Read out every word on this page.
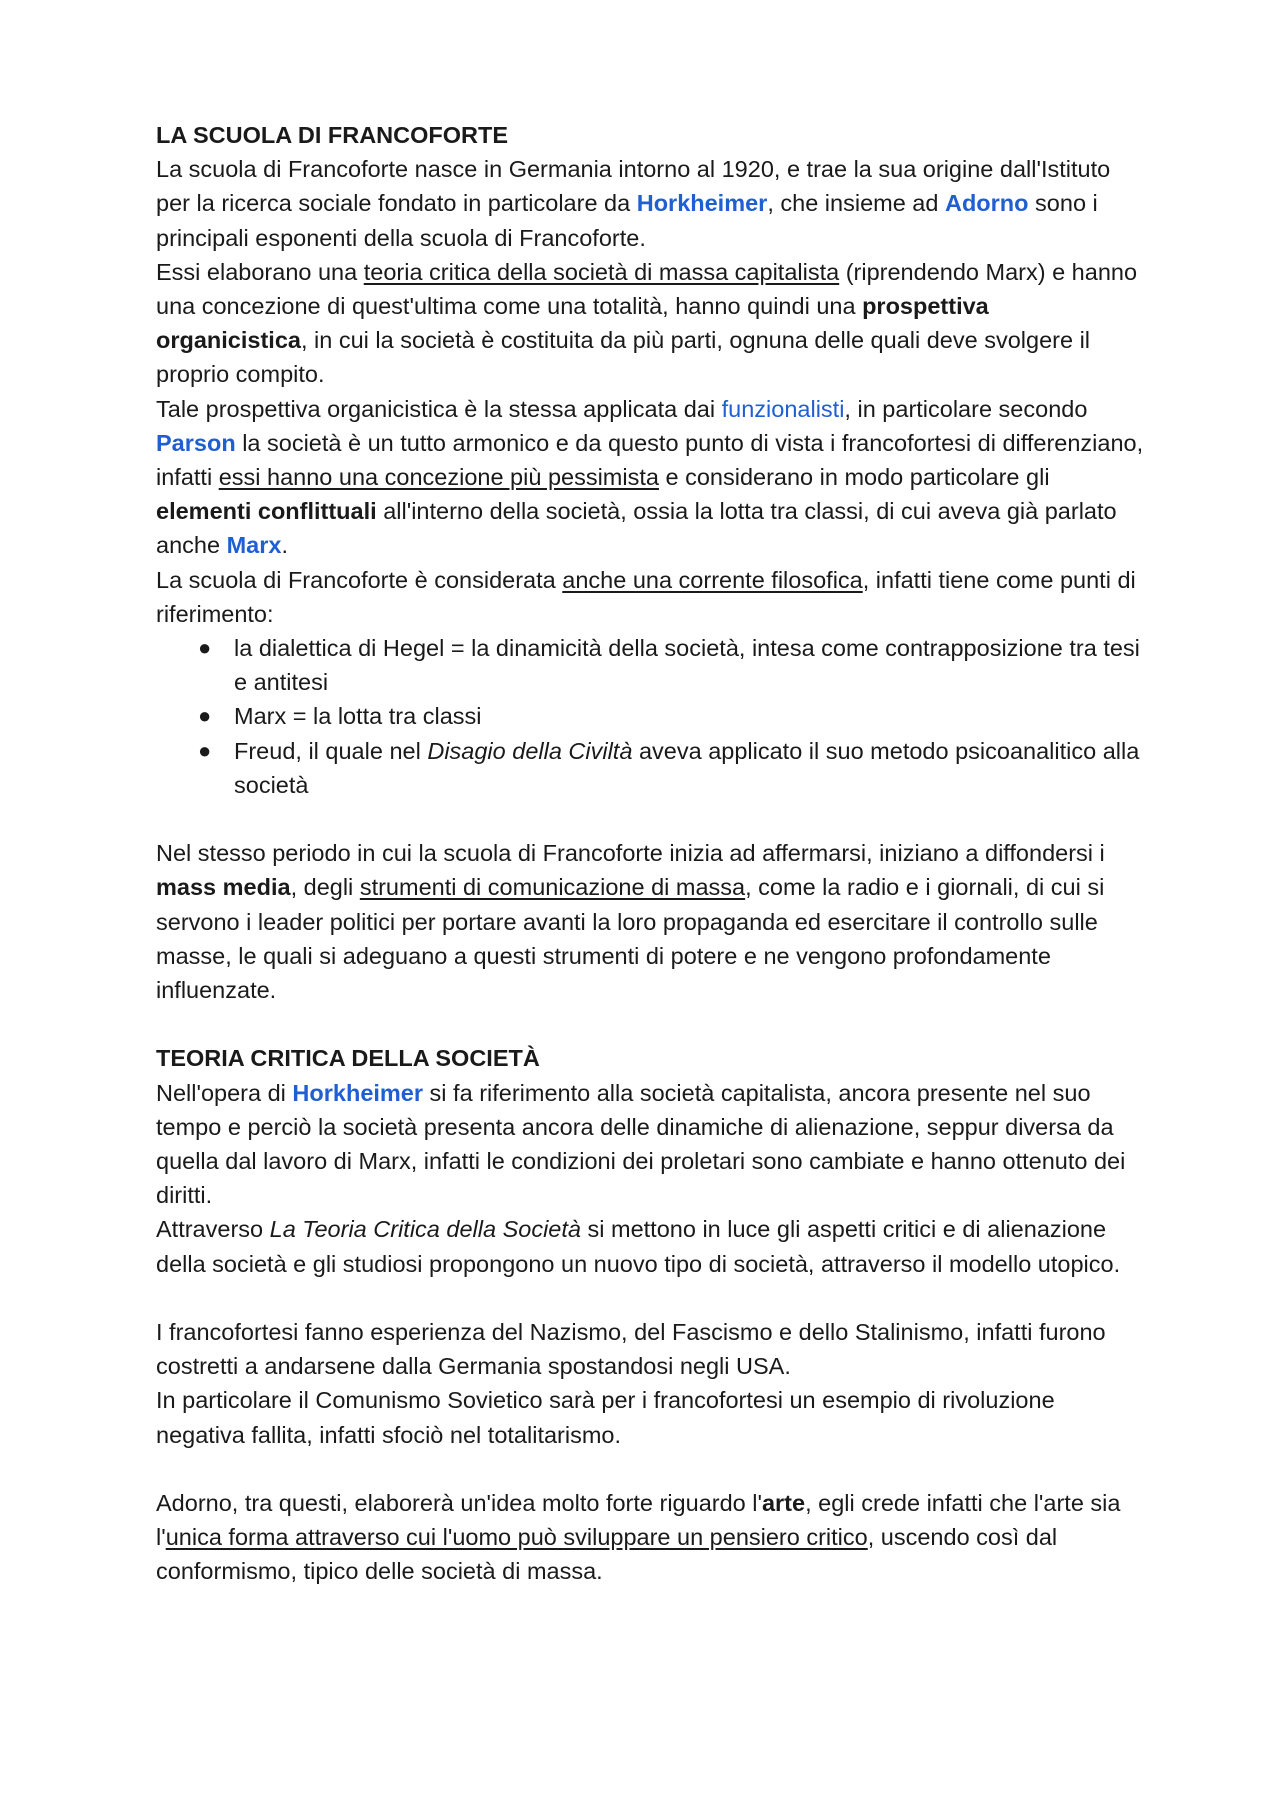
LA SCUOLA DI FRANCOFORTE

La scuola di Francoforte nasce in Germania intorno al 1920, e trae la sua origine dall'Istituto per la ricerca sociale fondato in particolare da Horkheimer, che insieme ad Adorno sono i principali esponenti della scuola di Francoforte.

Essi elaborano una teoria critica della società di massa capitalista (riprendendo Marx) e hanno una concezione di quest'ultima come una totalità, hanno quindi una prospettiva organicistica, in cui la società è costituita da più parti, ognuna delle quali deve svolgere il proprio compito.

Tale prospettiva organicistica è la stessa applicata dai funzionalisti, in particolare secondo Parson la società è un tutto armonico e da questo punto di vista i francofortesi di differenziano, infatti essi hanno una concezione più pessimista e considerano in modo particolare gli elementi conflittuali all'interno della società, ossia la lotta tra classi, di cui aveva già parlato anche Marx.

La scuola di Francoforte è considerata anche una corrente filosofica, infatti tiene come punti di riferimento:

● la dialettica di Hegel = la dinamicità della società, intesa come contrapposizione tra tesi e antitesi
● Marx = la lotta tra classi
● Freud, il quale nel Disagio della Civiltà aveva applicato il suo metodo psicoanalitico alla società

Nel stesso periodo in cui la scuola di Francoforte inizia ad affermarsi, iniziano a diffondersi i mass media, degli strumenti di comunicazione di massa, come la radio e i giornali, di cui si servono i leader politici per portare avanti la loro propaganda ed esercitare il controllo sulle masse, le quali si adeguano a questi strumenti di potere e ne vengono profondamente influenzate.

TEORIA CRITICA DELLA SOCIETÀ

Nell'opera di Horkheimer si fa riferimento alla società capitalista, ancora presente nel suo tempo e perciò la società presenta ancora delle dinamiche di alienazione, seppur diversa da quella dal lavoro di Marx, infatti le condizioni dei proletari sono cambiate e hanno ottenuto dei diritti.

Attraverso La Teoria Critica della Società si mettono in luce gli aspetti critici e di alienazione della società e gli studiosi propongono un nuovo tipo di società, attraverso il modello utopico.

I francofortesi fanno esperienza del Nazismo, del Fascismo e dello Stalinismo, infatti furono costretti a andarsene dalla Germania spostandosi negli USA.

In particolare il Comunismo Sovietico sarà per i francofortesi un esempio di rivoluzione negativa fallita, infatti sfociò nel totalitarismo.

Adorno, tra questi, elaborerà un'idea molto forte riguardo l'arte, egli crede infatti che l'arte sia l'unica forma attraverso cui l'uomo può sviluppare un pensiero critico, uscendo così dal conformismo, tipico delle società di massa.
